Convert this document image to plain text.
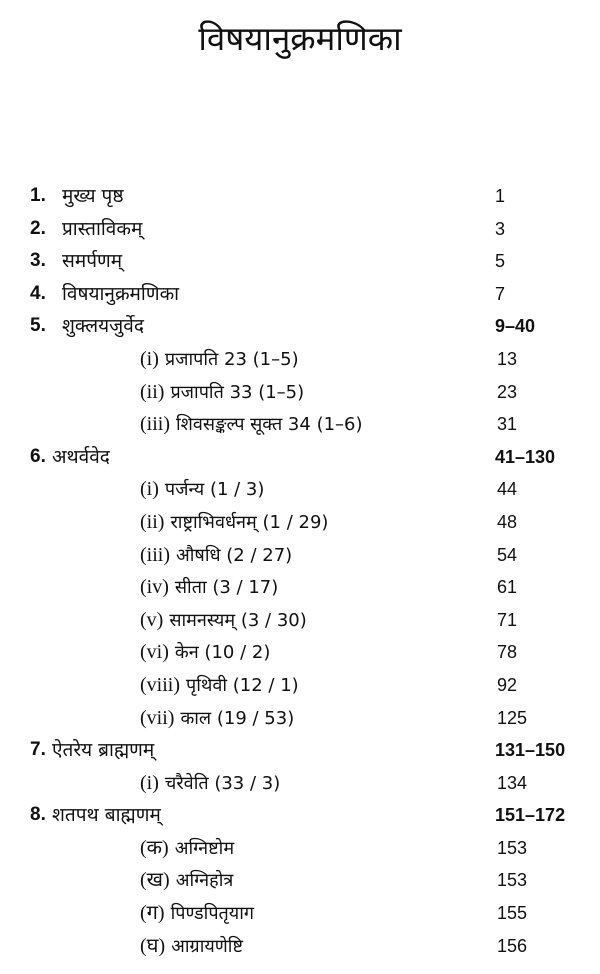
विषयानुक्रमणिका
1. मुख्य पृष्ठ	1
2. प्रास्ताविकम्	3
3. समर्पणम्	5
4. विषयानुक्रमणिका	7
5. शुक्लयजुर्वेद	9–40
(i) प्रजापति 23 (1–5)	13
(ii) प्रजापति 33 (1–5)	23
(iii) शिवसङ्कल्प सूक्त 34 (1–6)	31
6. अथर्ववेद	41–130
(i) पर्जन्य (1 / 3)	44
(ii) राष्ट्राभिवर्धनम् (1 / 29)	48
(iii) औषधि (2 / 27)	54
(iv) सीता (3 / 17)	61
(v) सामनस्यम् (3 / 30)	71
(vi) केन (10 / 2)	78
(viii) पृथिवी (12 / 1)	92
(vii) काल (19 / 53)	125
7. ऐतरेय ब्राह्मणम्	131–150
(i) चरैवेति (33 / 3)	134
8. शतपथ बाह्मणम्	151–172
(क) अग्निष्टोम	153
(ख) अग्निहोत्र	153
(ग) पिण्डपितृयाग	155
(घ) आग्रायणेष्टि	156
